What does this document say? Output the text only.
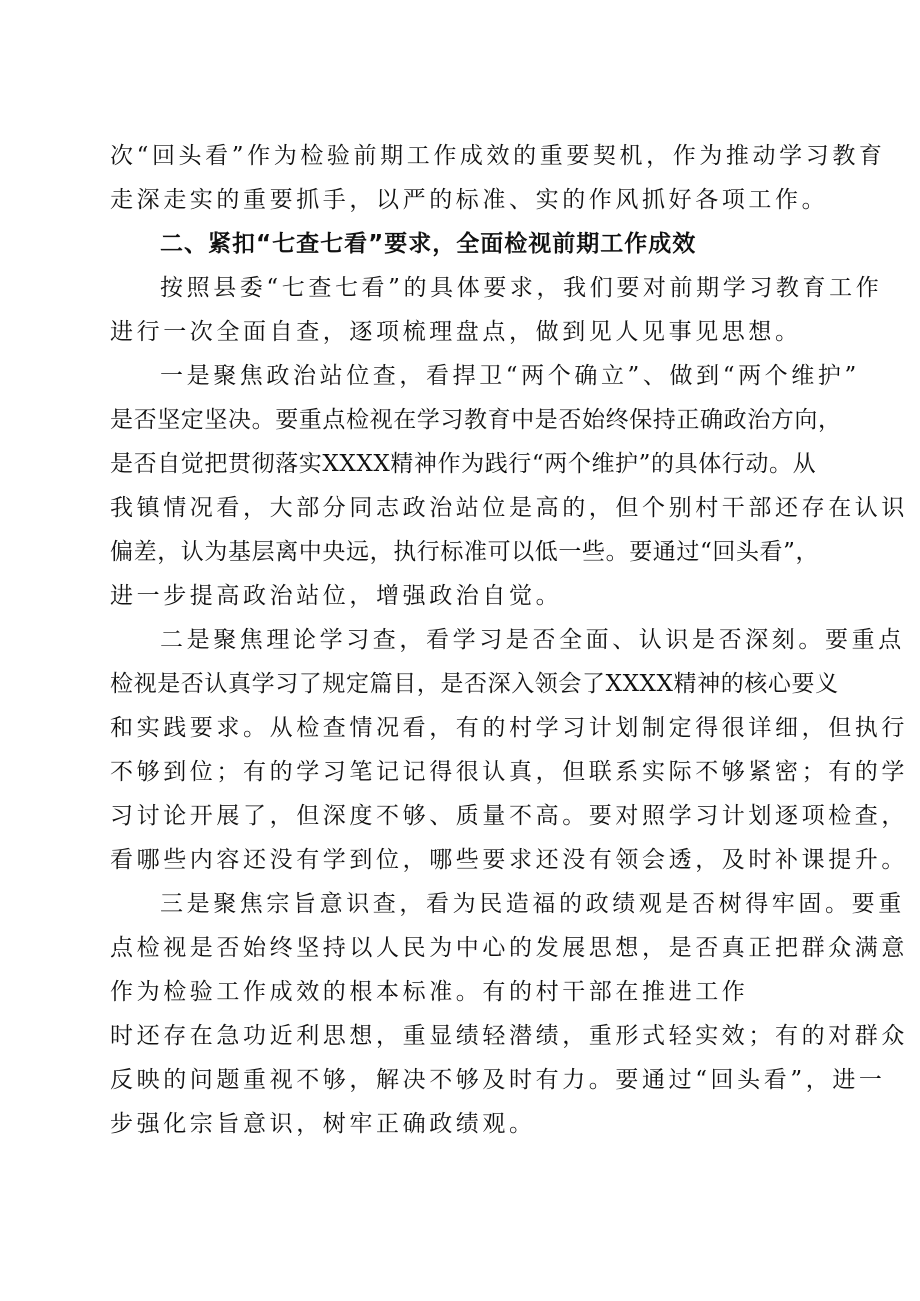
次“回头看”作为检验前期工作成效的重要契机，作为推动学习教育
走深走实的重要抓手，以严的标准、实的作风抓好各项工作。
二、紧扣“七查七看”要求，全面检视前期工作成效
按照县委“七查七看”的具体要求，我们要对前期学习教育工作
进行一次全面自查，逐项梳理盘点，做到见人见事见思想。
一是聚焦政治站位查，看捍卫“两个确立”、做到“两个维护”
是否坚定坚决。要重点检视在学习教育中是否始终保持正确政治方向，
是否自觉把贯彻落实XXXX精神作为践行“两个维护”的具体行动。从
我镇情况看，大部分同志政治站位是高的，但个别村干部还存在认识
偏差，认为基层离中央远，执行标准可以低一些。要通过“回头看”，
进一步提高政治站位，增强政治自觉。
二是聚焦理论学习查，看学习是否全面、认识是否深刻。要重点
检视是否认真学习了规定篇目，是否深入领会了XXXX精神的核心要义
和实践要求。从检查情况看，有的村学习计划制定得很详细，但执行
不够到位；有的学习笔记记得很认真，但联系实际不够紧密；有的学
习讨论开展了，但深度不够、质量不高。要对照学习计划逐项检查，
看哪些内容还没有学到位，哪些要求还没有领会透，及时补课提升。
三是聚焦宗旨意识查，看为民造福的政绩观是否树得牢固。要重
点检视是否始终坚持以人民为中心的发展思想，是否真正把群众满意
作为检验工作成效的根本标准。有的村干部在推进工作
时还存在急功近利思想，重显绩轻潜绩，重形式轻实效；有的对群众
反映的问题重视不够，解决不够及时有力。要通过“回头看”，进一
步强化宗旨意识，树牢正确政绩观。
